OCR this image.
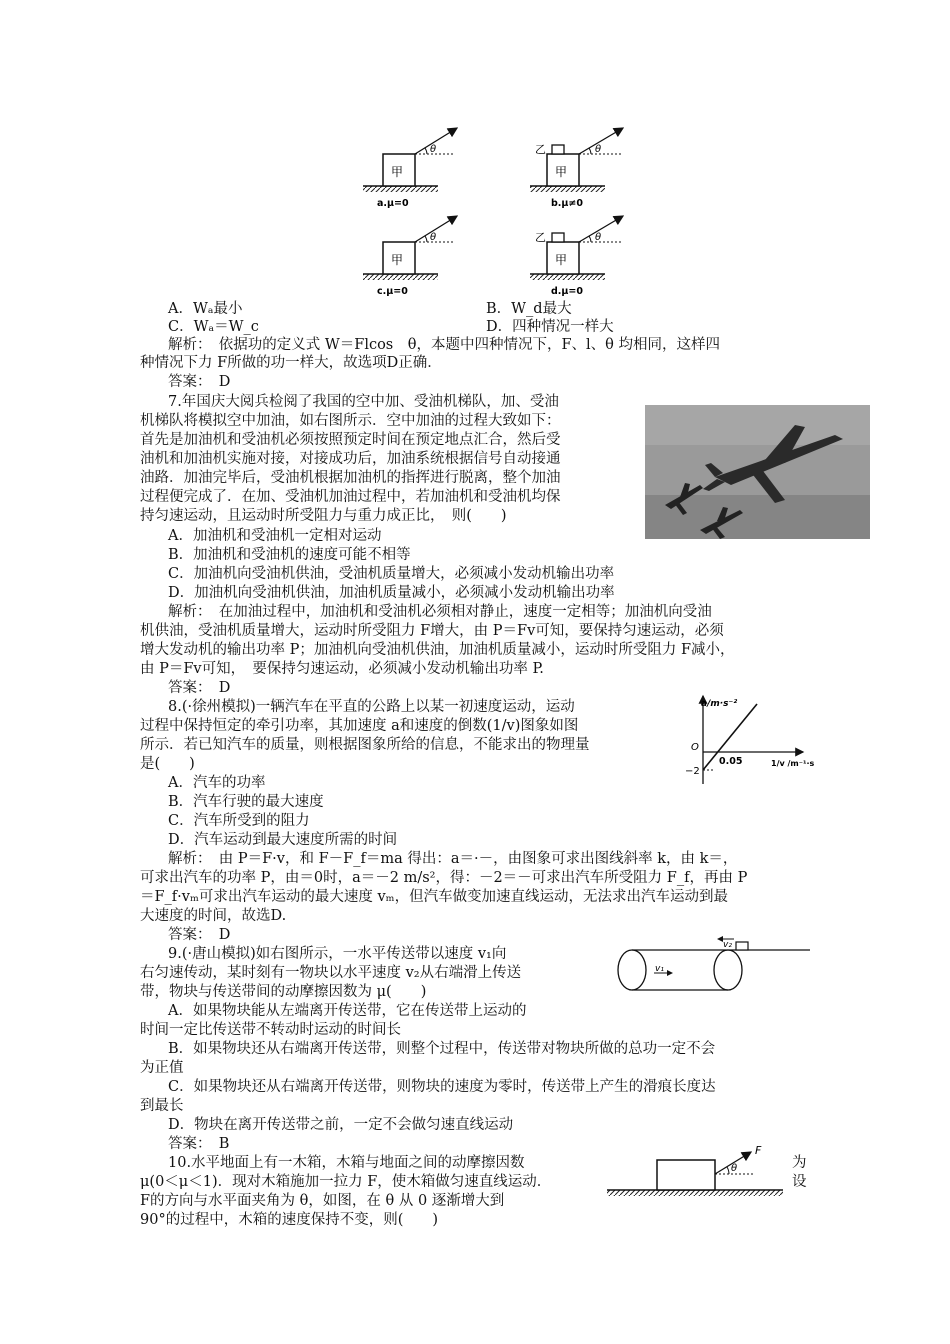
甲
θ
a.μ=0
乙
甲
θ
b.μ≠0
甲
θ
c.μ=0
乙
甲
θ
d.μ=0
A．Wₐ最小	B．W_d最大
C．Wₐ＝W_c	D．四种情况一样大
解析：　依据功的定义式 W＝Flcos　θ，本题中四种情况下，F、l、θ 均相同，这样四
种情况下力 F所做的功一样大，故选项D正确．
答案：　D
7.年国庆大阅兵检阅了我国的空中加、受油机梯队，加、受油
机梯队将模拟空中加油，如右图所示．空中加油的过程大致如下：
首先是加油机和受油机必须按照预定时间在预定地点汇合，然后受
油机和加油机实施对接，对接成功后，加油系统根据信号自动接通
油路．加油完毕后，受油机根据加油机的指挥进行脱离，整个加油
过程便完成了．在加、受油机加油过程中，若加油机和受油机均保
持匀速运动，且运动时所受阻力与重力成正比，　则(　　)
A．加油机和受油机一定相对运动
B．加油机和受油机的速度可能不相等
C．加油机向受油机供油，受油机质量增大，必须减小发动机输出功率
D．加油机向受油机供油，加油机质量减小，必须减小发动机输出功率
解析：　在加油过程中，加油机和受油机必须相对静止，速度一定相等；加油机向受油
机供油，受油机质量增大，运动时所受阻力 F增大，由 P＝Fv可知，要保持匀速运动，必须
增大发动机的输出功率 P；加油机向受油机供油，加油机质量减小，运动时所受阻力 F减小，
由 P＝Fv可知，　要保持匀速运动，必须减小发动机输出功率 P.
答案：　D
8.(·徐州模拟)一辆汽车在平直的公路上以某一初速度运动，运动
过程中保持恒定的牵引功率，其加速度 a和速度的倒数(1/v)图象如图
所示．若已知汽车的质量，则根据图象所给的信息，不能求出的物理量
是(　　)
a/m·s⁻²
O
−2
0.05	1/v /m⁻¹·s
A．汽车的功率
B．汽车行驶的最大速度
C．汽车所受到的阻力
D．汽车运动到最大速度所需的时间
解析：　由 P＝F·v，和 F－F_f＝ma 得出：a＝·－，由图象可求出图线斜率 k，由 k＝，
可求出汽车的功率 P，由＝0时，a＝－2 m/s²，得：－2＝－可求出汽车所受阻力 F_f，再由 P
＝F_f·vₘ可求出汽车运动的最大速度 vₘ，但汽车做变加速直线运动，无法求出汽车运动到最
大速度的时间，故选D.
答案：　D
9.(·唐山模拟)如右图所示，一水平传送带以速度 v₁向
右匀速传动，某时刻有一物块以水平速度 v₂从右端滑上传送
带，物块与传送带间的动摩擦因数为 μ(　　)
v₂
v₁
A．如果物块能从左端离开传送带，它在传送带上运动的
时间一定比传送带不转动时运动的时间长
B．如果物块还从右端离开传送带，则整个过程中，传送带对物块所做的总功一定不会
为正值
C．如果物块还从右端离开传送带，则物块的速度为零时，传送带上产生的滑痕长度达
到最长
D．物块在离开传送带之前，一定不会做匀速直线运动
答案：　B
10.水平地面上有一木箱，木箱与地面之间的动摩擦因数	为
μ(0＜μ＜1)．现对木箱施加一拉力 F，使木箱做匀速直线运动．	设
F的方向与水平面夹角为 θ，如图，在 θ 从 0 逐渐增大到
90°的过程中，木箱的速度保持不变，则(　　)
θ
F
